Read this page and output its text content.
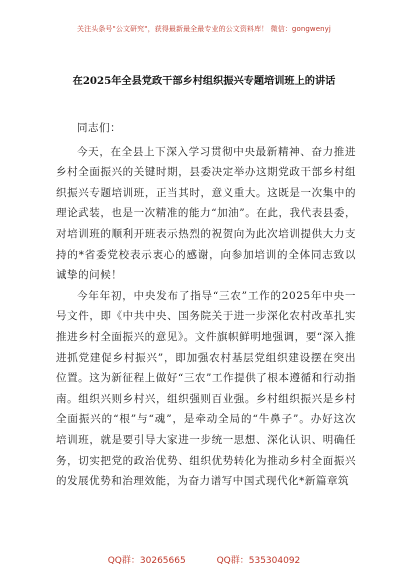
关注头条号"公文研究"，获得最新最全最专业的公文资料库！ 微信：gongwenyj
在2025年全县党政干部乡村组织振兴专题培训班上的讲话

同志们：

今天，在全县上下深入学习贯彻中央最新精神、奋力推进乡村全面振兴的关键时期，县委决定举办这期党政干部乡村组织振兴专题培训班，正当其时，意义重大。这既是一次集中的理论武装，也是一次精准的能力“加油”。在此，我代表县委，对培训班的顺利开班表示热烈的祝贺向为此次培训提供大力支持的*省委党校表示衷心的感谢，向参加培训的全体同志致以诚挚的问候！

今年年初，中央发布了指导“三农”工作的2025年中央一号文件，即《中共中央、国务院关于进一步深化农村改革扎实推进乡村全面振兴的意见》。文件旗帜鲜明地强调，要“深入推进抓党建促乡村振兴”，即加强农村基层党组织建设摆在突出位置。这为新征程上做好“三农”工作提供了根本遵循和行动指南。组织兴则乡村兴，组织强则百业强。乡村组织振兴是乡村全面振兴的“根”与“魂”，是牵动全局的“牛鼻子”。办好这次培训班，就是要引导大家进一步统一思想、深化认识、明确任务，切实把党的政治优势、组织优势转化为推动乡村全面振兴的发展优势和治理效能，为奋力谱写中国式现代化*新篇章筑

QQ群：30265665	QQ群：535304092
